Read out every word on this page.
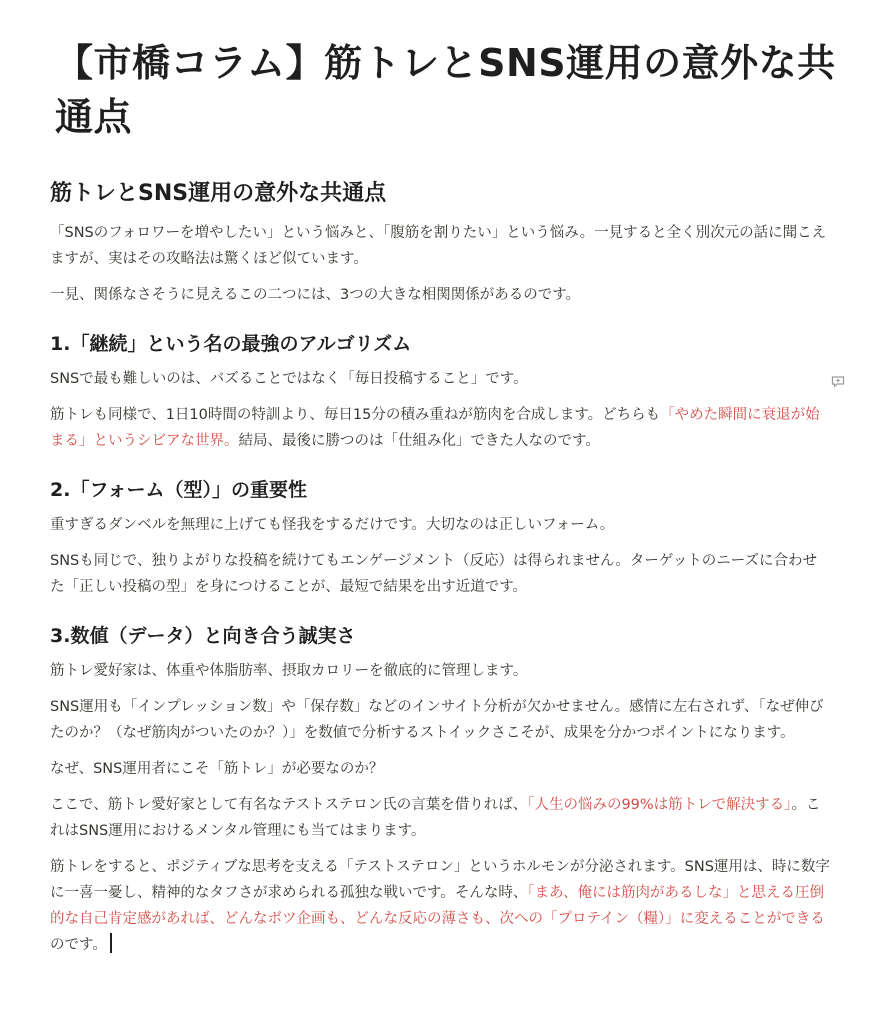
【市橋コラム】筋トレとSNS運用の意外な共通点
筋トレとSNS運用の意外な共通点

「SNSのフォロワーを増やしたい」という悩みと、「腹筋を割りたい」という悩み。一見すると全く別次元の話に聞こえますが、実はその攻略法は驚くほど似ています。

一見、関係なさそうに見えるこの二つには、3つの大きな相関関係があるのです。

1.「継続」という名の最強のアルゴリズム

SNSで最も難しいのは、バズることではなく「毎日投稿すること」です。

筋トレも同様で、1日10時間の特訓より、毎日15分の積み重ねが筋肉を合成します。どちらも「やめた瞬間に衰退が始まる」というシビアな世界。結局、最後に勝つのは「仕組み化」できた人なのです。

2.「フォーム（型）」の重要性

重すぎるダンベルを無理に上げても怪我をするだけです。大切なのは正しいフォーム。

SNSも同じで、独りよがりな投稿を続けてもエンゲージメント（反応）は得られません。ターゲットのニーズに合わせた「正しい投稿の型」を身につけることが、最短で結果を出す近道です。

3.数値（データ）と向き合う誠実さ

筋トレ愛好家は、体重や体脂肪率、摂取カロリーを徹底的に管理します。

SNS運用も「インプレッション数」や「保存数」などのインサイト分析が欠かせません。感情に左右されず、「なぜ伸びたのか？（なぜ筋肉がついたのか？）」を数値で分析するストイックさこそが、成果を分かつポイントになります。

なぜ、SNS運用者にこそ「筋トレ」が必要なのか？

ここで、筋トレ愛好家として有名なテストステロン氏の言葉を借りれば、「人生の悩みの99%は筋トレで解決する」。これはSNS運用におけるメンタル管理にも当てはまります。

筋トレをすると、ポジティブな思考を支える「テストステロン」というホルモンが分泌されます。SNS運用は、時に数字に一喜一憂し、精神的なタフさが求められる孤独な戦いです。そんな時、「まあ、俺には筋肉があるしな」と思える圧倒的な自己肯定感があれば、どんなボツ企画も、どんな反応の薄さも、次への「プロテイン（糧）」に変えることができるのです。
